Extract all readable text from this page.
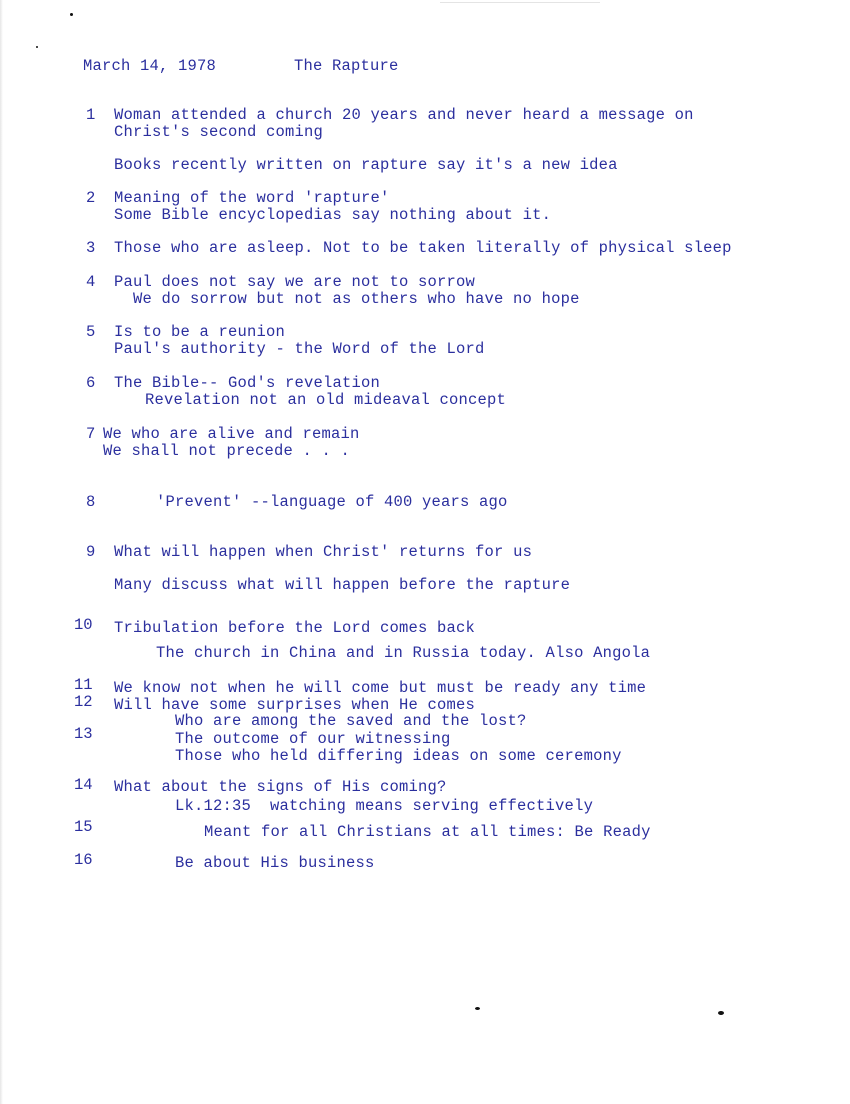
March 14, 1978	The Rapture
1 Woman attended a church 20 years and never heard a message on
Christ's second coming
Books recently written on rapture say it's a new idea
2 Meaning of the word 'rapture'
Some Bible encyclopedias say nothing about it.
3 Those who are asleep. Not to be taken literally of physical sleep
4 Paul does not say we are not to sorrow
We do sorrow but not as others who have no hope
5 Is to be a reunion
Paul's authority - the Word of the Lord
6 The Bible-- God's revelation
Revelation not an old mideaval concept
7 We who are alive and remain
We shall not precede . . .
8	'Prevent' --language of 400 years ago
9 What will happen when Christ' returns for us
Many discuss what will happen before the rapture
10 Tribulation before the Lord comes back
The church in China and in Russia today. Also Angola
11 We know not when he will come but must be ready any time
12 Will have some surprises when He comes
Who are among the saved and the lost?
13	The outcome of our witnessing
Those who held differing ideas on some ceremony
14 What about the signs of His coming?
Lk.12:35  watching means serving effectively
15	Meant for all Christians at all times: Be Ready
16	Be about His business
